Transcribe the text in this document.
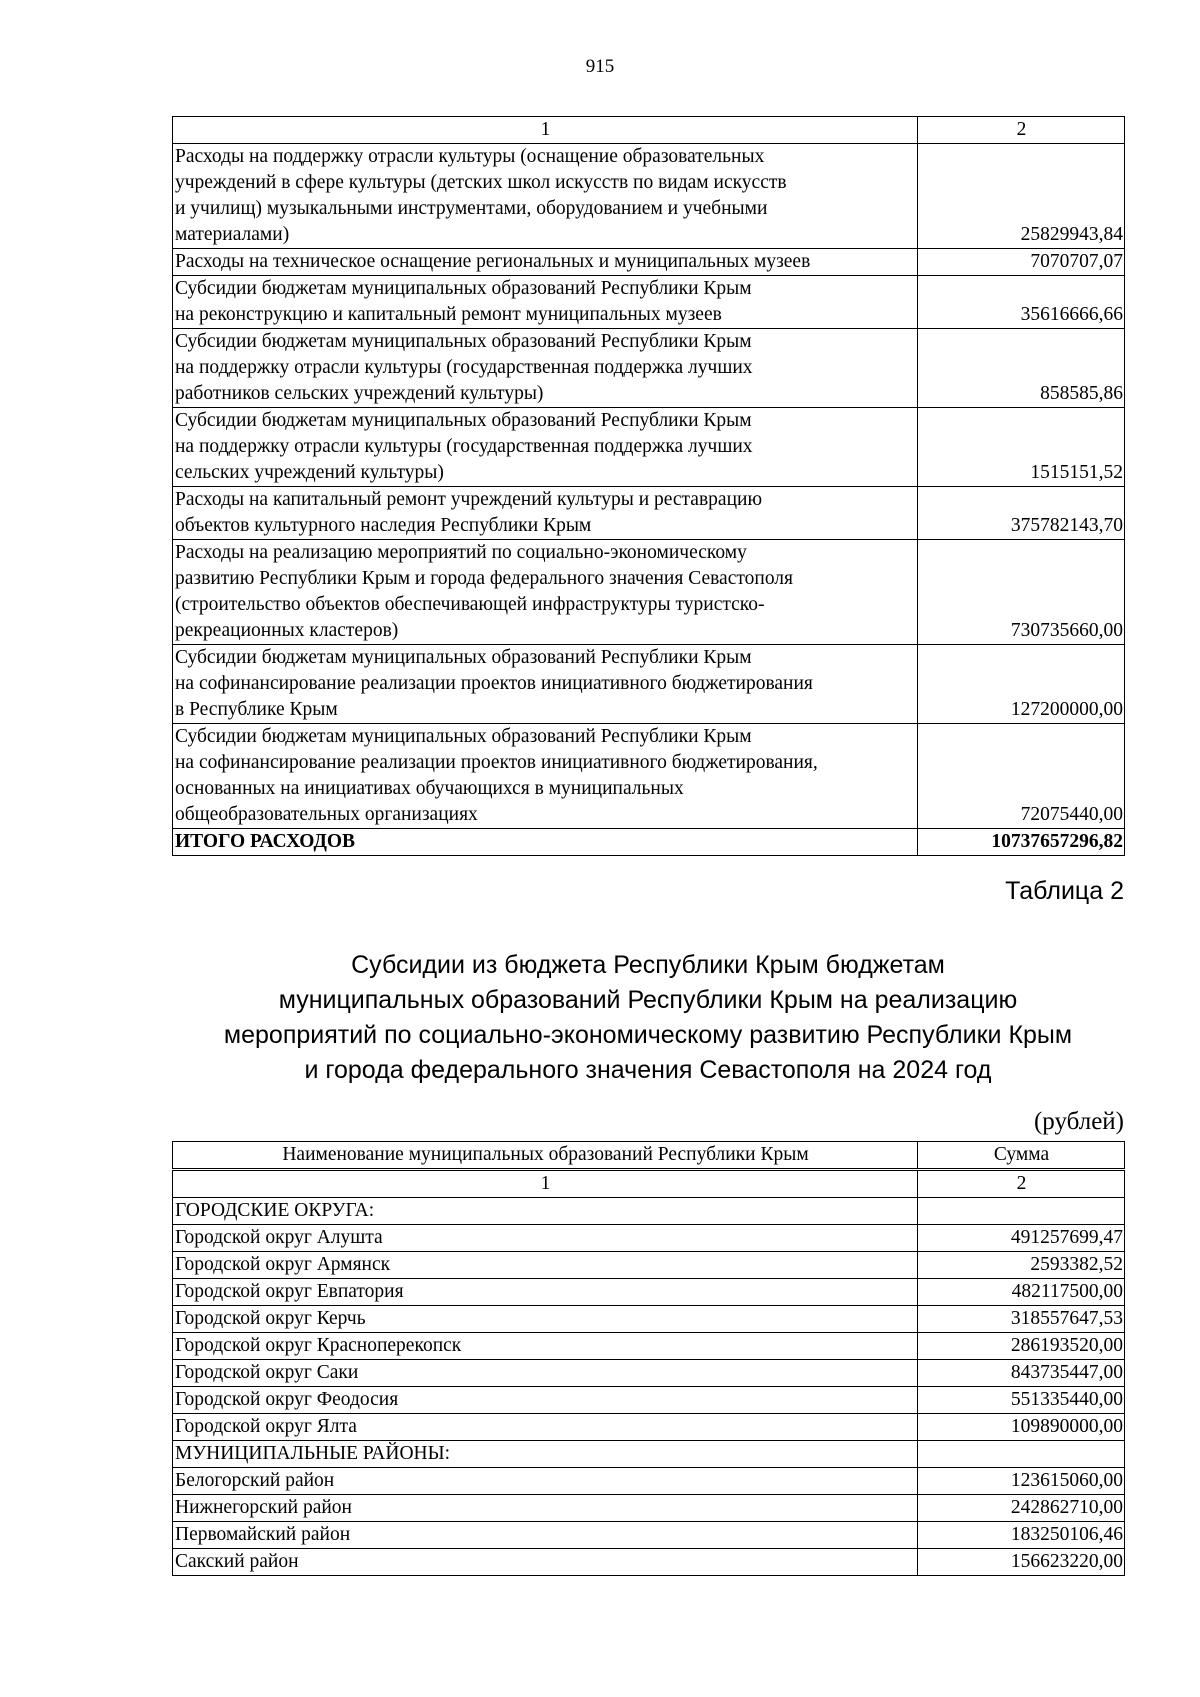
915
1	2
Расходы на поддержку отрасли культуры (оснащение образовательных
учреждений в сфере культуры (детских школ искусств по видам искусств
и училищ) музыкальными инструментами, оборудованием и учебными
материалами)	25829943,84
Расходы на техническое оснащение региональных и муниципальных музеев	7070707,07
Субсидии бюджетам муниципальных образований Республики Крым
на реконструкцию и капитальный ремонт муниципальных музеев	35616666,66
Субсидии бюджетам муниципальных образований Республики Крым
на поддержку отрасли культуры (государственная поддержка лучших
работников сельских учреждений культуры)	858585,86
Субсидии бюджетам муниципальных образований Республики Крым
на поддержку отрасли культуры (государственная поддержка лучших
сельских учреждений культуры)	1515151,52
Расходы на капитальный ремонт учреждений культуры и реставрацию
объектов культурного наследия Республики Крым	375782143,70
Расходы на реализацию мероприятий по социально-экономическому
развитию Республики Крым и города федерального значения Севастополя
(строительство объектов обеспечивающей инфраструктуры туристско-
рекреационных кластеров)	730735660,00
Субсидии бюджетам муниципальных образований Республики Крым
на софинансирование реализации проектов инициативного бюджетирования
в Республике Крым	127200000,00
Субсидии бюджетам муниципальных образований Республики Крым
на софинансирование реализации проектов инициативного бюджетирования,
основанных на инициативах обучающихся в муниципальных
общеобразовательных организациях	72075440,00
ИТОГО РАСХОДОВ	10737657296,82
Таблица 2
Субсидии из бюджета Республики Крым бюджетам
муниципальных образований Республики Крым на реализацию
мероприятий по социально-экономическому развитию Республики Крым
и города федерального значения Севастополя на 2024 год
(рублей)
Наименование муниципальных образований Республики Крым	Сумма
1	2
ГОРОДСКИЕ ОКРУГА:	
Городской округ Алушта	491257699,47
Городской округ Армянск	2593382,52
Городской округ Евпатория	482117500,00
Городской округ Керчь	318557647,53
Городской округ Красноперекопск	286193520,00
Городской округ Саки	843735447,00
Городской округ Феодосия	551335440,00
Городской округ Ялта	109890000,00
МУНИЦИПАЛЬНЫЕ РАЙОНЫ:	
Белогорский район	123615060,00
Нижнегорский район	242862710,00
Первомайский район	183250106,46
Сакский район	156623220,00
